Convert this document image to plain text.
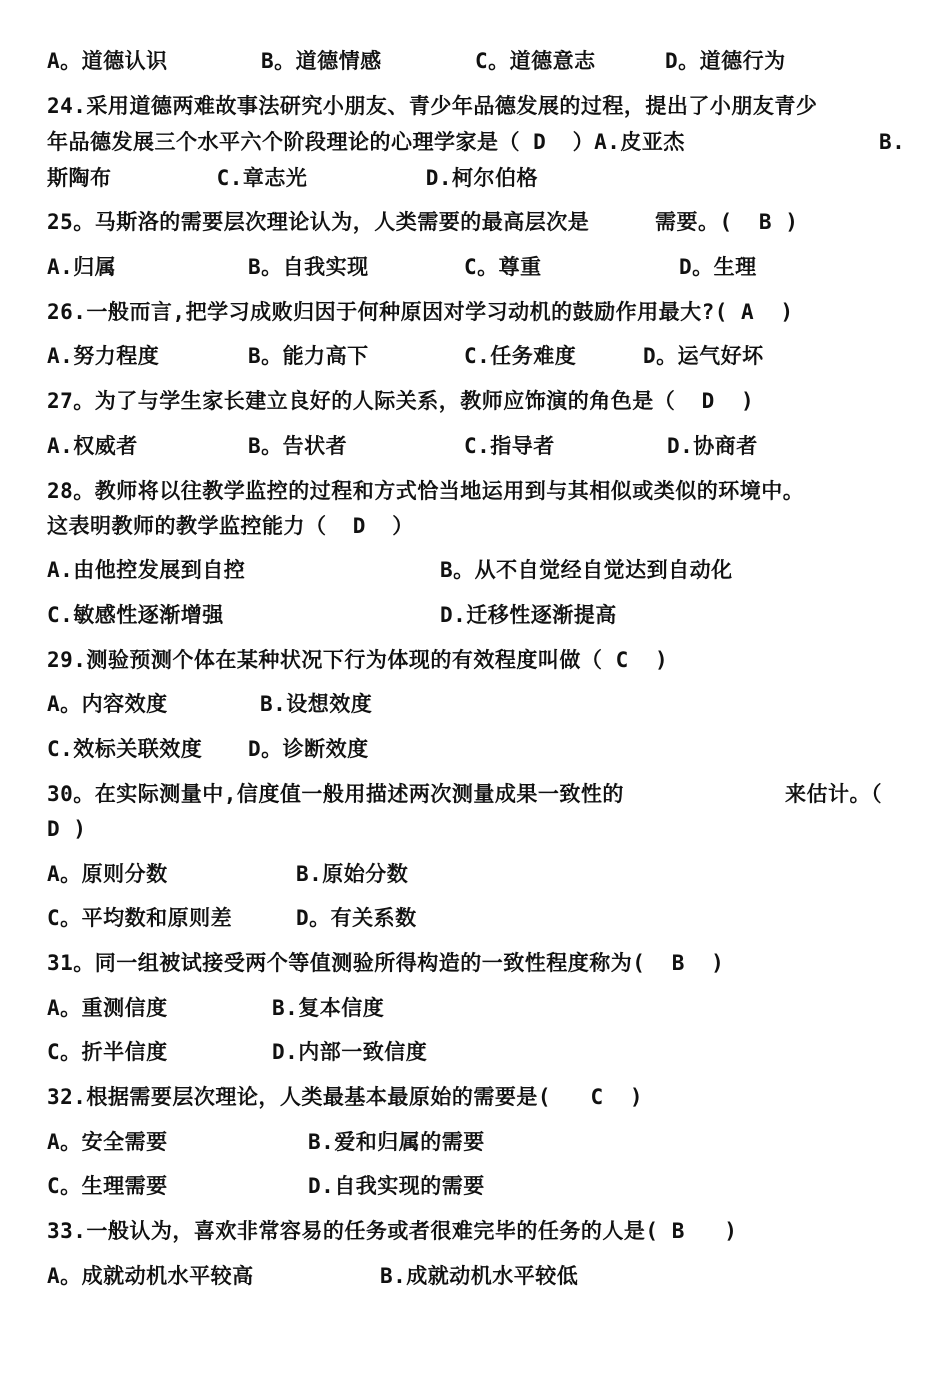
A。道德认识

	B。道德情感

	C。道德意志

	D。道德行为

24.采用道德两难故事法研究小朋友、青少年品德发展的过程，提出了小朋友青少

年品德发展三个水平六个阶段理论的心理学家是（ D  ）A.皮亚杰

	B.

斯陶布        C.章志光         D.柯尔伯格

25。马斯洛的需要层次理论认为，人类需要的最高层次是     需要。(  B )

A.归属

	B。自我实现

	C。尊重

	D。生理

26.一般而言,把学习成败归因于何种原因对学习动机的鼓励作用最大?( A  )

A.努力程度

	B。能力高下

	C.任务难度

	D。运气好坏

27。为了与学生家长建立良好的人际关系，教师应饰演的角色是（  D  )

A.权威者

	B。告状者

	C.指导者

	D.协商者

28。教师将以往教学监控的过程和方式恰当地运用到与其相似或类似的环境中。

这表明教师的教学监控能力（  D  ）

A.由他控发展到自控

	B。从不自觉经自觉达到自动化

C.敏感性逐渐增强

	D.迁移性逐渐提高

29.测验预测个体在某种状况下行为体现的有效程度叫做（ C  )

A。内容效度

	B.设想效度

C.效标关联效度

D。诊断效度

30。在实际测量中,信度值一般用描述两次测量成果一致性的

	来估计。（

D )

A。原则分数

	B.原始分数

C。平均数和原则差

	D。有关系数

31。同一组被试接受两个等值测验所得构造的一致性程度称为(  B  )

A。重测信度

	B.复本信度

C。折半信度

	D.内部一致信度

32.根据需要层次理论，人类最基本最原始的需要是(   C  )

A。安全需要

	B.爱和归属的需要

C。生理需要

	D.自我实现的需要

33.一般认为，喜欢非常容易的任务或者很难完毕的任务的人是( B   )

A。成就动机水平较高

	B.成就动机水平较低
